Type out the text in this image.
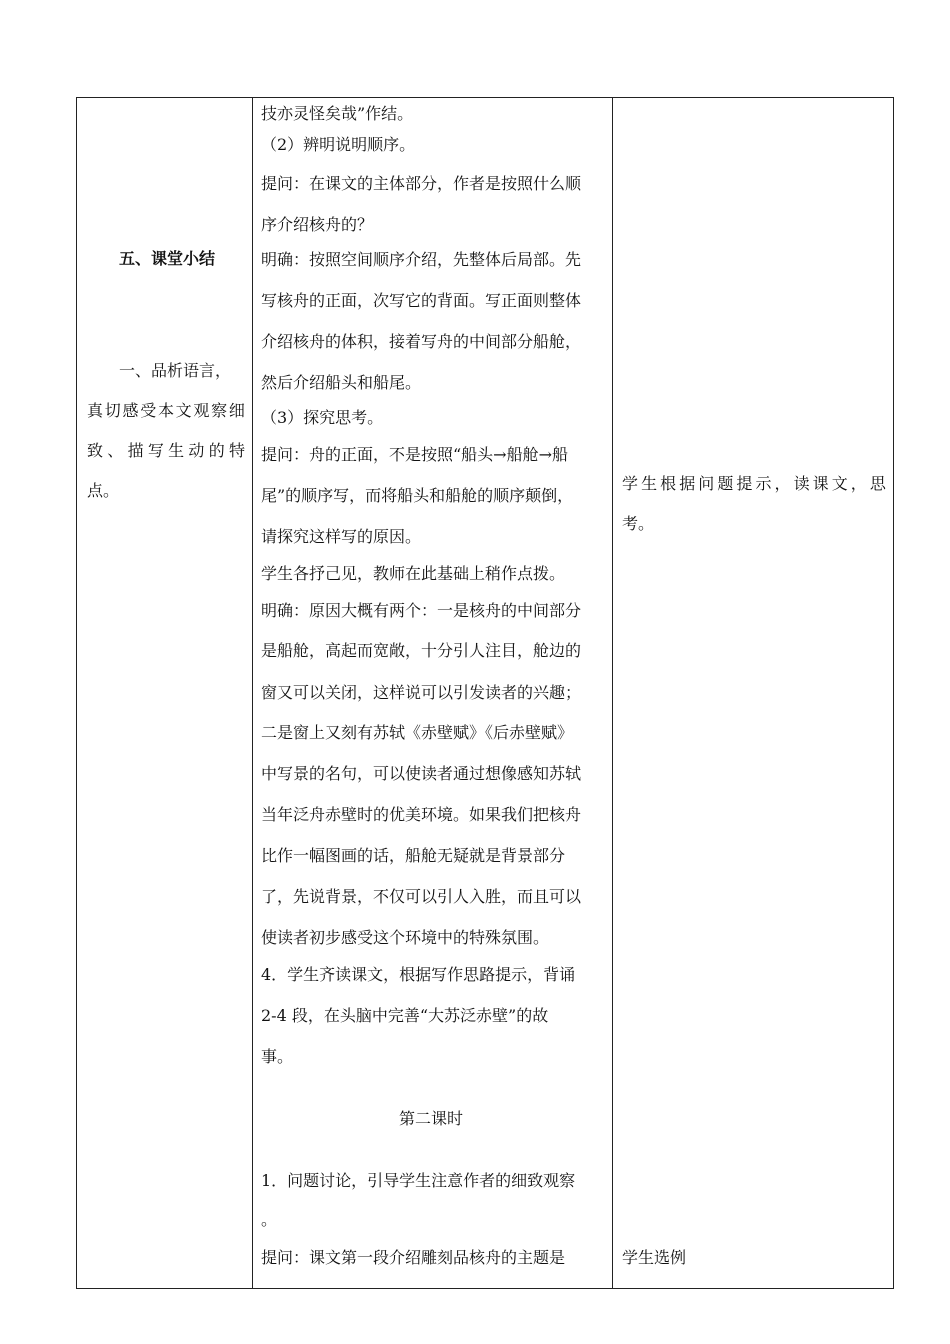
五、课堂小结
一、品析语言，
真 切 感 受 本 文 观 察 细
致 、 描 写 生 动 的 特
点。
技亦灵怪矣哉”作结。
（2）辨明说明顺序。
提问：在课文的主体部分，作者是按照什么顺
序介绍核舟的？
明确：按照空间顺序介绍，先整体后局部。先
写核舟的正面，次写它的背面。写正面则整体
介绍核舟的体积，接着写舟的中间部分船舱，
然后介绍船头和船尾。
（3）探究思考。
提问：舟的正面，不是按照“船头→船舱→船
尾”的顺序写，而将船头和船舱的顺序颠倒，
请探究这样写的原因。
学生各抒己见，教师在此基础上稍作点拨。
明确：原因大概有两个：一是核舟的中间部分
是船舱，高起而宽敞，十分引人注目，舱边的
窗又可以关闭，这样说可以引发读者的兴趣；
二是窗上又刻有苏轼《赤壁赋》《后赤壁赋》
中写景的名句，可以使读者通过想像感知苏轼
当年泛舟赤壁时的优美环境。如果我们把核舟
比作一幅图画的话，船舱无疑就是背景部分
了，先说背景，不仅可以引人入胜，而且可以
使读者初步感受这个环境中的特殊氛围。
4．学生齐读课文，根据写作思路提示，背诵
2-4 段，在头脑中完善“大苏泛赤壁”的故
事。
第二课时
1．问题讨论，引导学生注意作者的细致观察
。
提问：课文第一段介绍雕刻品核舟的主题是
学 生 根 据 问 题 提 示 ， 读 课 文 ， 思
考。
学生选例
